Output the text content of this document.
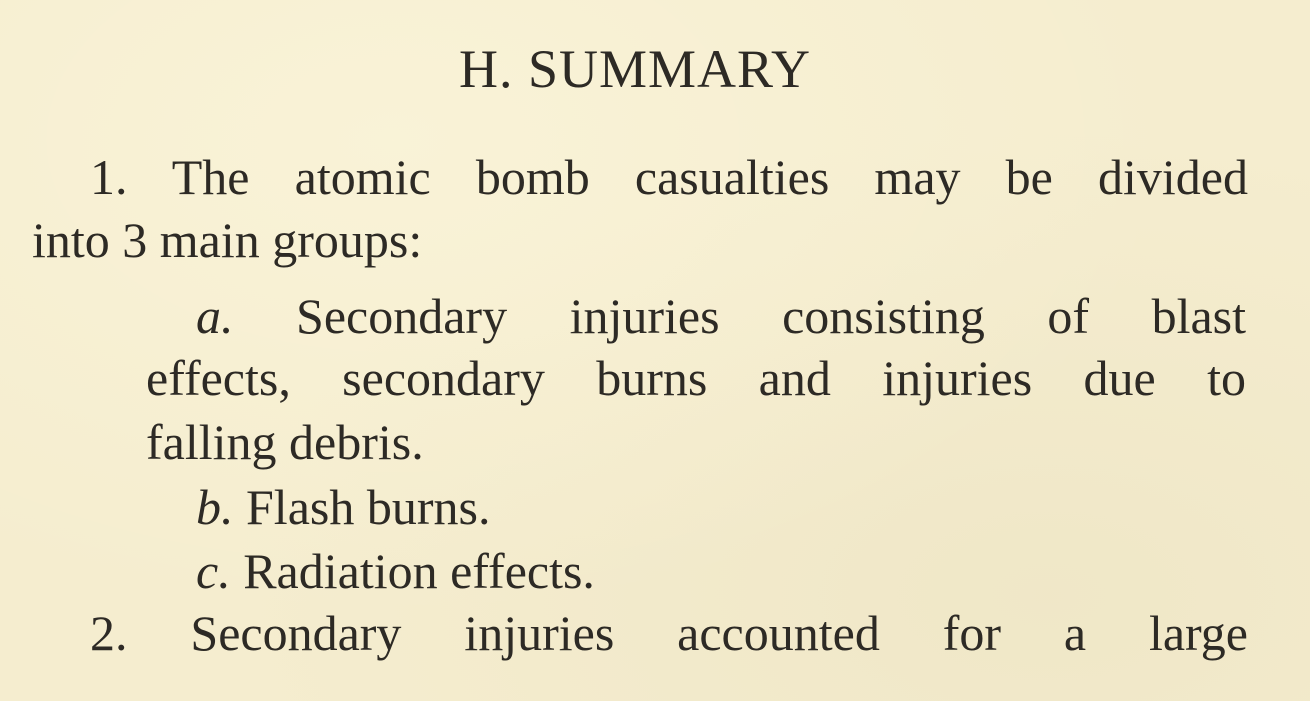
H. SUMMARY
1. The atomic bomb casualties may be divided
into 3 main groups:
a. Secondary injuries consisting of blast
effects, secondary burns and injuries due to
falling debris.
b. Flash burns.
c. Radiation effects.
2. Secondary injuries accounted for a large
